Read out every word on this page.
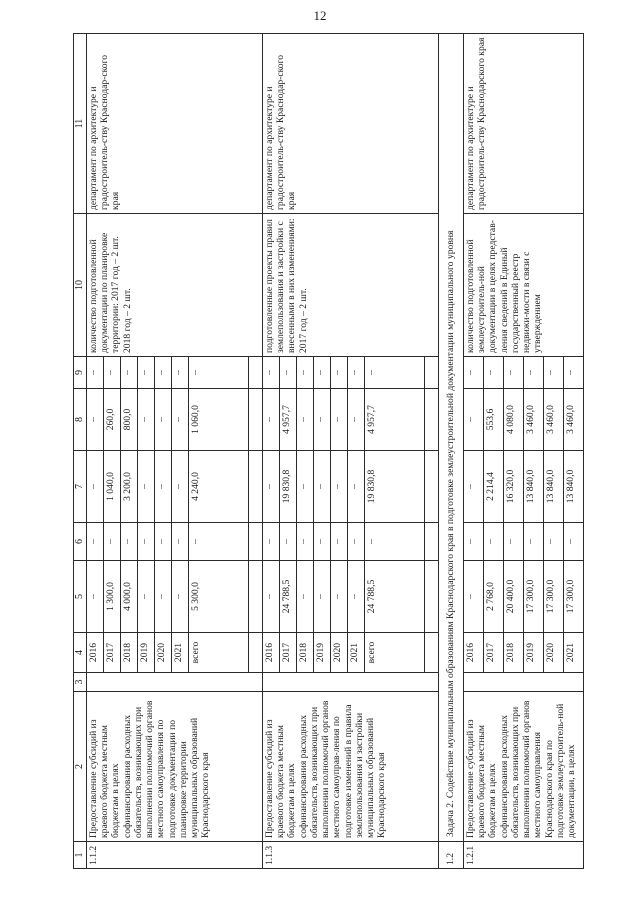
12
1	2	3	4	5	6	7	8	9	10	11
1.1.2	Предоставление субсидий из краевого бюджета местным бюджетам в целях софинансирования расходных обязательств, возникающих при выполнении полномочий органов местного самоуправления по подготовке документации по планировке территории муниципальных образований Краснодарского края		2016	–	–	–	–	–	количество подготовленной документации по планировке территории: 2017 год – 2 шт. 2018 год – 2 шт.	департамент по архитектуре и градостроитель-ству Краснодар-ского края
			2017	1 300,0	–	1 040,0	260,0	–		
			2018	4 000,0	–	3 200,0	800,0	–		
			2019	–	–	–	–	–		
			2020	–	–	–	–	–		
			2021	–	–	–	–	–		
			всего	5 300,0	–	4 240,0	1 060,0	–		

1.1.3	Предоставление субсидий из краевого бюджета местным бюджетам в целях софинансирования расходных обязательств, возникающих при выполнении полномочий органов местного самоуправ-ления по подготовке изменений в правила землепользования и застройки муниципальных образований Краснодарского края		2016	–	–	–	–	–	подготовленные проекты правил землепользования и застройки с внесенными в них изменениями: 2017 год – 2 шт.	департамент по архитектуре и градостроитель-ству Краснодар-ского края
			2017	24 788,5	–	19 830,8	4 957,7	–		
			2018	–	–	–	–	–		
			2019	–	–	–	–	–		
			2020	–	–	–	–	–		
			2021	–	–	–	–	–		
			всего	24 788,5	–	19 830,8	4 957,7	–		

1.2	Задача 2. Содействие муниципальным образованиям Краснодарского края в подготовке землеустроительной документации муниципального уровня									
1.2.1	Предоставление субсидий из краевого бюджета местным бюджетам в целях софинансирования расходных обязательств, возникающих при выполнении полномочий органов местного самоуправления Краснодарского края по подготовке землеустроитель-ной документации, в целях		2016	–	–	–	–	–	количество подготовленной землеустроитель-ной документации в целях представ-ления сведений в Единый государственный реестр недвижи-мости в связи с утверждением	департамент по архитектуре и градостроитель-ству Краснодарского края
			2017	2 768,0	–	2 214,4	553,6	–		
			2018	20 400,0	–	16 320,0	4 080,0	–		
			2019	17 300,0	–	13 840,0	3 460,0	–		
			2020	17 300,0	–	13 840,0	3 460,0	–		
			2021	17 300,0	–	13 840,0	3 460,0	–		
